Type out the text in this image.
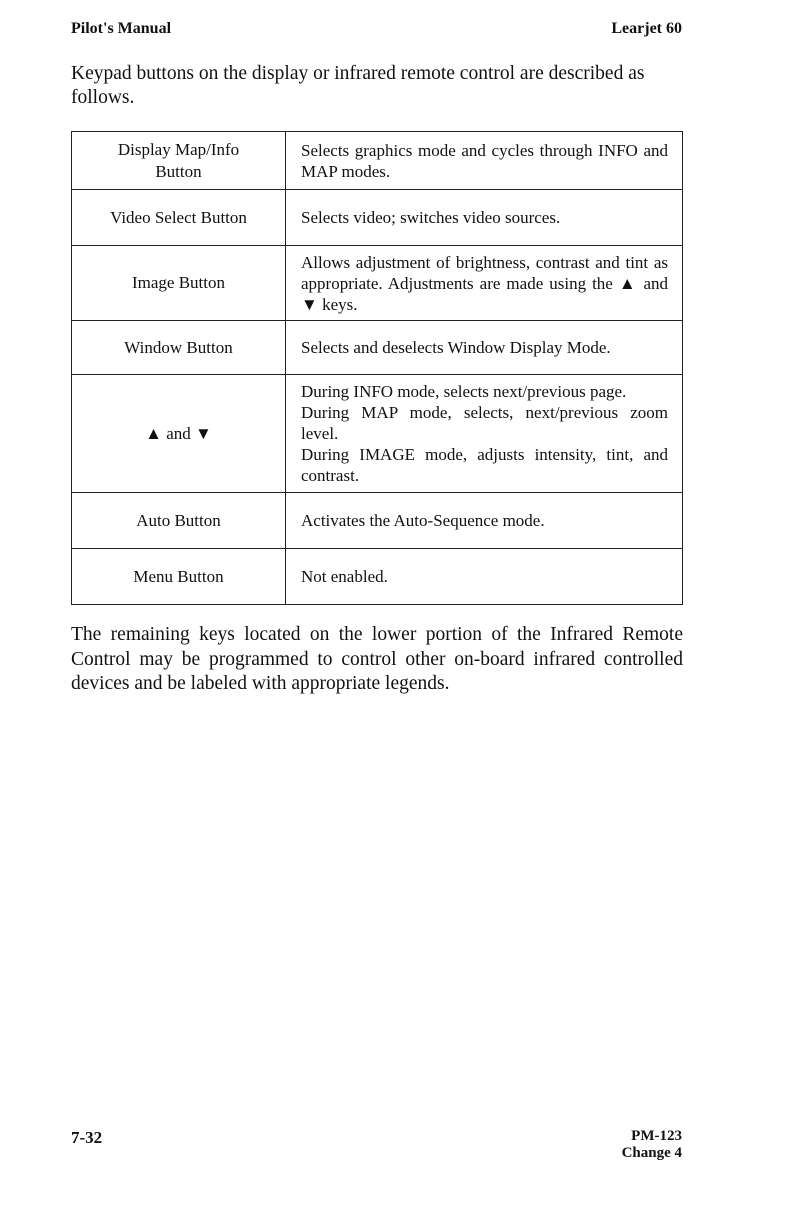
Pilot's Manual	Learjet 60

Keypad buttons on the display or infrared remote control are described as follows.

Display Map/Info Button	Selects graphics mode and cycles through INFO and MAP modes.
Video Select Button	Selects video; switches video sources.
Image Button	Allows adjustment of brightness, contrast and tint as appropriate. Adjustments are made using the ▲ and ▼ keys.
Window Button	Selects and deselects Window Display Mode.
▲ and ▼	During INFO mode, selects next/previous page.
During MAP mode, selects, next/previous zoom level.
During IMAGE mode, adjusts intensity, tint, and contrast.

Auto Button	Activates the Auto-Sequence mode.
Menu Button	Not enabled.

The remaining keys located on the lower portion of the Infrared Remote Control may be programmed to control other on-board infrared controlled devices and be labeled with appropriate legends.

7-32	PM-123
Change 4
